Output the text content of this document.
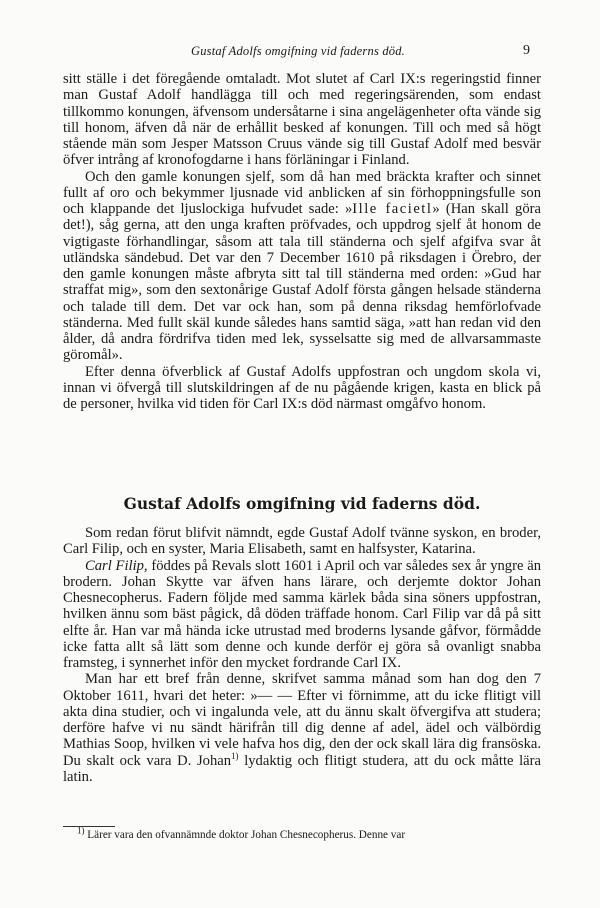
Gustaf Adolfs omgifning vid faderns död.	9

sitt ställe i det föregående omtaladt. Mot slutet af Carl IX:s regeringstid finner man Gustaf Adolf handlägga till och med regeringsärenden, som endast tillkommo konungen, äfvensom undersåtarne i sina angelägenheter ofta vände sig till honom, äfven då när de erhållit besked af konungen. Till och med så högt stående män som Jesper Matsson Cruus vände sig till Gustaf Adolf med besvär öfver intrång af kronofogdarne i hans förläningar i Finland.

Och den gamle konungen sjelf, som då han med bräckta krafter och sinnet fullt af oro och bekymmer ljusnade vid anblicken af sin förhoppningsfulle son och klappande det ljuslockiga hufvudet sade: »Ille facietl» (Han skall göra det!), såg gerna, att den unga kraften pröfvades, och uppdrog sjelf åt honom de vigtigaste förhandlingar, såsom att tala till ständerna och sjelf afgifva svar åt utländska sändebud. Det var den 7 December 1610 på riksdagen i Örebro, der den gamle konungen måste afbryta sitt tal till ständerna med orden: »Gud har straffat mig», som den sextonårige Gustaf Adolf första gången helsade ständerna och talade till dem. Det var ock han, som på denna riksdag hemförlofvade ständerna. Med fullt skäl kunde således hans samtid säga, »att han redan vid den ålder, då andra fördrifva tiden med lek, sysselsatte sig med de allvarsammaste göromål».

Efter denna öfverblick af Gustaf Adolfs uppfostran och ungdom skola vi, innan vi öfvergå till slutskildringen af de nu pågående krigen, kasta en blick på de personer, hvilka vid tiden för Carl IX:s död närmast omgåfvo honom.

Gustaf Adolfs omgifning vid faderns död.

Som redan förut blifvit nämndt, egde Gustaf Adolf tvänne syskon, en broder, Carl Filip, och en syster, Maria Elisabeth, samt en halfsyster, Katarina.

Carl Filip, föddes på Revals slott 1601 i April och var således sex år yngre än brodern. Johan Skytte var äfven hans lärare, och derjemte doktor Johan Chesnecopherus. Fadern följde med samma kärlek båda sina söners uppfostran, hvilken ännu som bäst pågick, då döden träffade honom. Carl Filip var då på sitt elfte år. Han var må hända icke utrustad med broderns lysande gåfvor, förmådde icke fatta allt så lätt som denne och kunde derför ej göra så ovanligt snabba framsteg, i synnerhet inför den mycket fordrande Carl IX.

Man har ett bref från denne, skrifvet samma månad som han dog den 7 Oktober 1611, hvari det heter: »— — Efter vi förnimme, att du icke flitigt vill akta dina studier, och vi ingalunda vele, att du ännu skalt öfvergifva att studera; derföre hafve vi nu sändt härifrån till dig denne af adel, ädel och välbördig Mathias Soop, hvilken vi vele hafva hos dig, den der ock skall lära dig fransöska. Du skalt ock vara D. Johan$^{1)}$ lydaktig och flitigt studera, att du ock måtte lära latin.

$^{1)}$ Lärer vara den ofvannämnde doktor Johan Chesnecopherus. Denne var
